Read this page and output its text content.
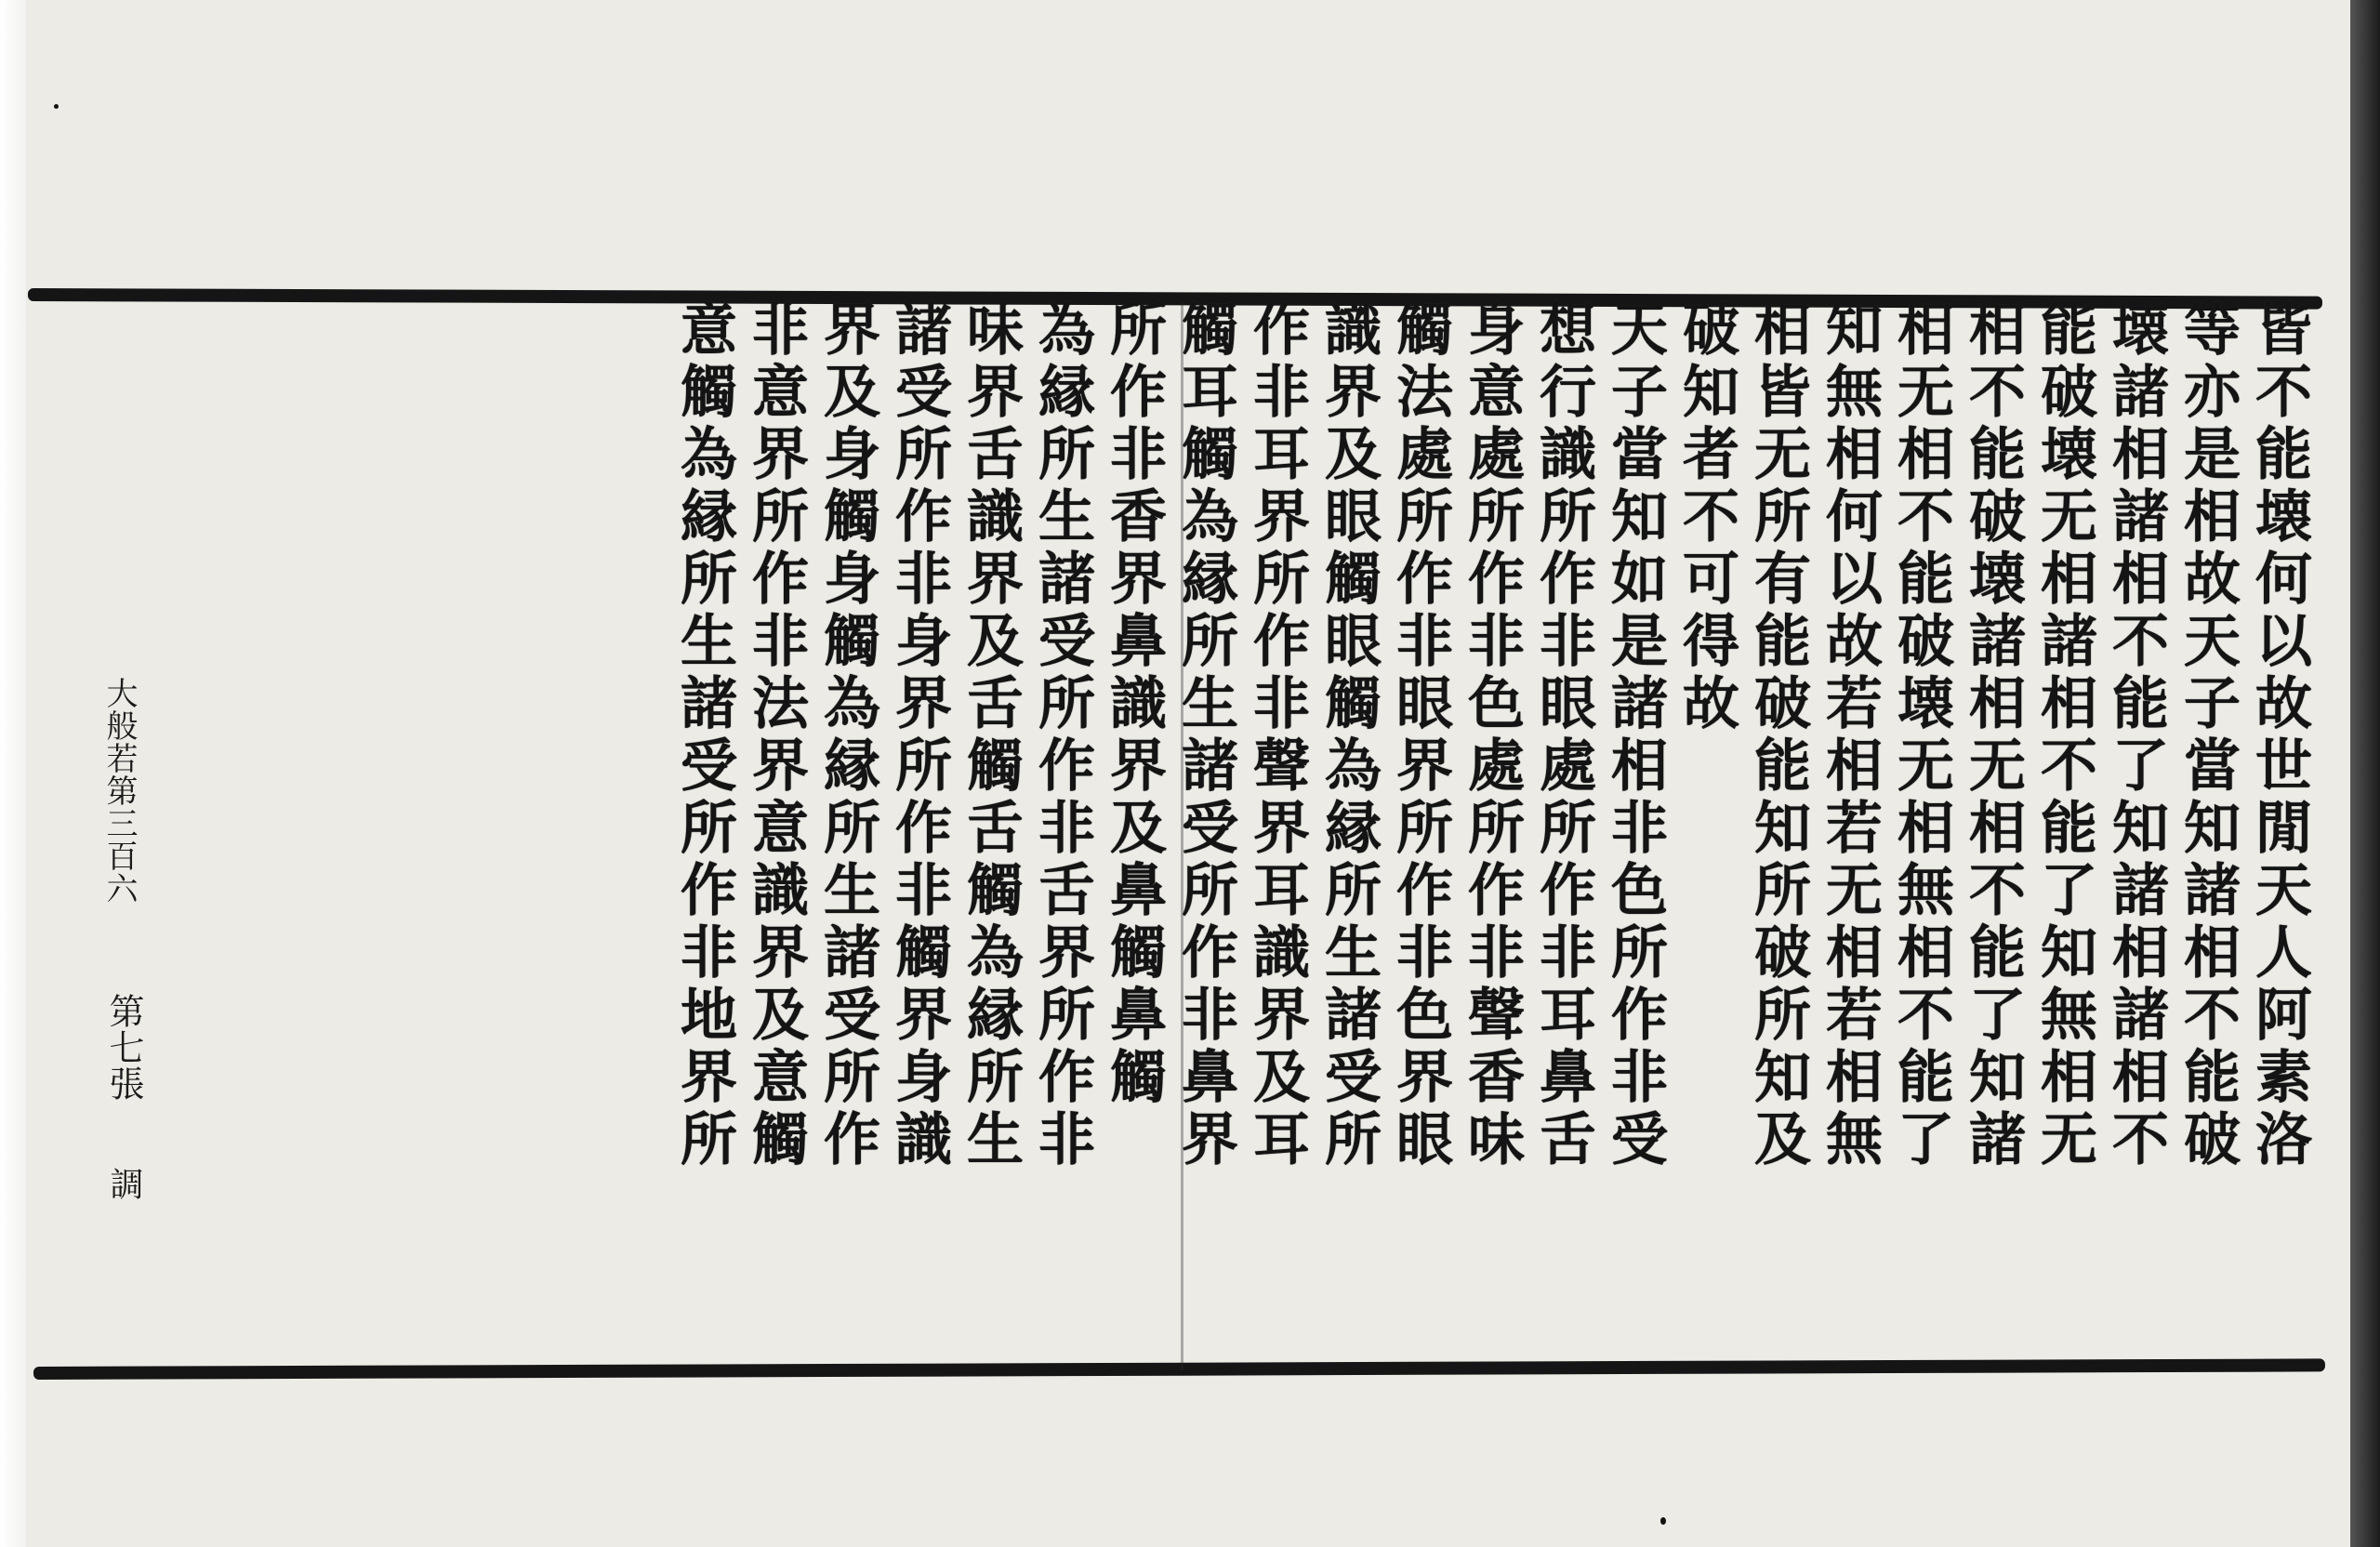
皆不能壊何以故世閒天人阿素洛
等亦是相故天子當知諸相不能破
壊諸相諸相不能了知諸相諸相不
能破壊无相諸相不能了知無相无
相不能破壊諸相无相不能了知諸
相无相不能破壊无相無相不能了
知無相何以故若相若无相若相無
相皆无所有能破能知所破所知及
破知者不可得故
天子當知如是諸相非色所作非受
想行識所作非眼處所作非耳鼻舌
身意處所作非色處所作非聲香味
觸法處所作非眼界所作非色界眼
識界及眼觸眼觸為縁所生諸受所
作非耳界所作非聲界耳識界及耳
觸耳觸為縁所生諸受所作非鼻界
所作非香界鼻識界及鼻觸鼻觸
為縁所生諸受所作非舌界所作非
味界舌識界及舌觸舌觸為縁所生
諸受所作非身界所作非觸界身識
界及身觸身觸為縁所生諸受所作
非意界所作非法界意識界及意觸
意觸為縁所生諸受所作非地界所
大般若第三百六
第七張
調
